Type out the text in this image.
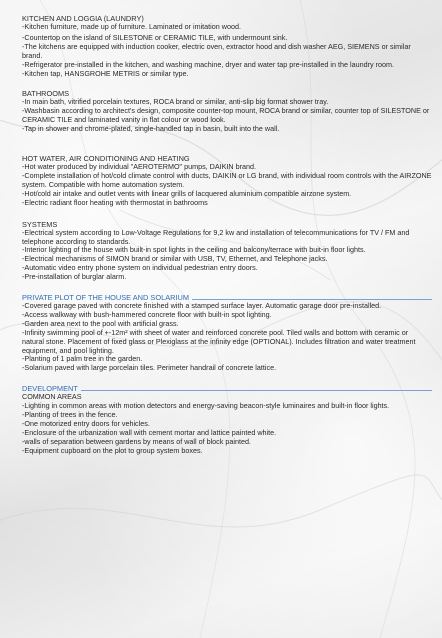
KITCHEN AND LOGGIA (LAUNDRY)

-Kitchen furniture, made up of furniture. Laminated or imitation wood.

-Countertop on the island of SILESTONE or CERAMIC TILE, with undermount sink.

-The kitchens are equipped with induction cooker, electric oven, extractor hood and dish washer AEG, SIEMENS or similar brand.

-Refrigerator pre-installed in the kitchen, and washing machine, dryer and water tap pre-installed in the laundry room.

-Kitchen tap, HANSGROHE METRIS or similar type.

BATHROOMS

-In main bath, vitrified porcelain textures, ROCA brand or similar, anti-slip big format shower tray.

-Washbasin according to architect's design, composite counter-top mount, ROCA brand or similar, counter top of SILESTONE or CERAMIC TILE and laminated vanity in flat colour or wood look.

-Tap in shower and chrome-plated, single-handled tap in basin, built into the wall.

HOT WATER, AIR CONDITIONING AND HEATING

-Hot water produced by individual "AEROTERMO" pumps, DAIKIN brand.

-Complete installation of hot/cold climate control with ducts, DAIKIN or LG brand, with individual room controls with the AIRZONE system. Compatible with home automation system.

-Hot/cold air intake and outlet vents with linear grills of lacquered aluminium compatible airzone system.

-Electric radiant floor heating with thermostat in bathrooms

SYSTEMS

-Electrical system according to Low-Voltage Regulations for 9,2 kw and installation of telecommunications for TV / FM and telephone according to standards.

-Interior lighting of the house with built-in spot lights in the ceiling and balcony/terrace with buit-in floor lights.

-Electrical mechanisms of SIMON brand or similar with USB, TV, Ethernet, and Telephone jacks.

-Automatic video entry phone system on individual pedestrian entry doors.

-Pre-installation of burglar alarm.

PRIVATE PLOT OF THE HOUSE AND SOLARIUM

-Covered garage paved with concrete finished with a stamped surface layer. Automatic garage door pre-installed.

-Access walkway with bush-hammered concrete floor with built-in spot lighting.

-Garden area next to the pool with artificial grass.

-Infinity swimming pool of +-12m² with sheet of water and reinforced concrete pool. Tiled walls and bottom with ceramic or natural stone. Placement of fixed glass or Plexiglass at the infinity edge (OPTIONAL). Includes filtration and water treatment equipment, and pool lighting.

-Planting of 1 palm tree in the garden.

-Solarium paved with large porcelain tiles. Perimeter handrail of concrete lattice.

DEVELOPMENT

COMMON AREAS

-Lighting in common areas with motion detectors and energy-saving beacon-style luminaires and built-in floor lights.

-Planting of trees in the fence.

-One motorized entry doors for vehicles.

-Enclosure of the urbanization wall with cement mortar and lattice painted white.

-walls of separation between gardens by means of wall of block painted.

-Equipment cupboard on the plot to group system boxes.
